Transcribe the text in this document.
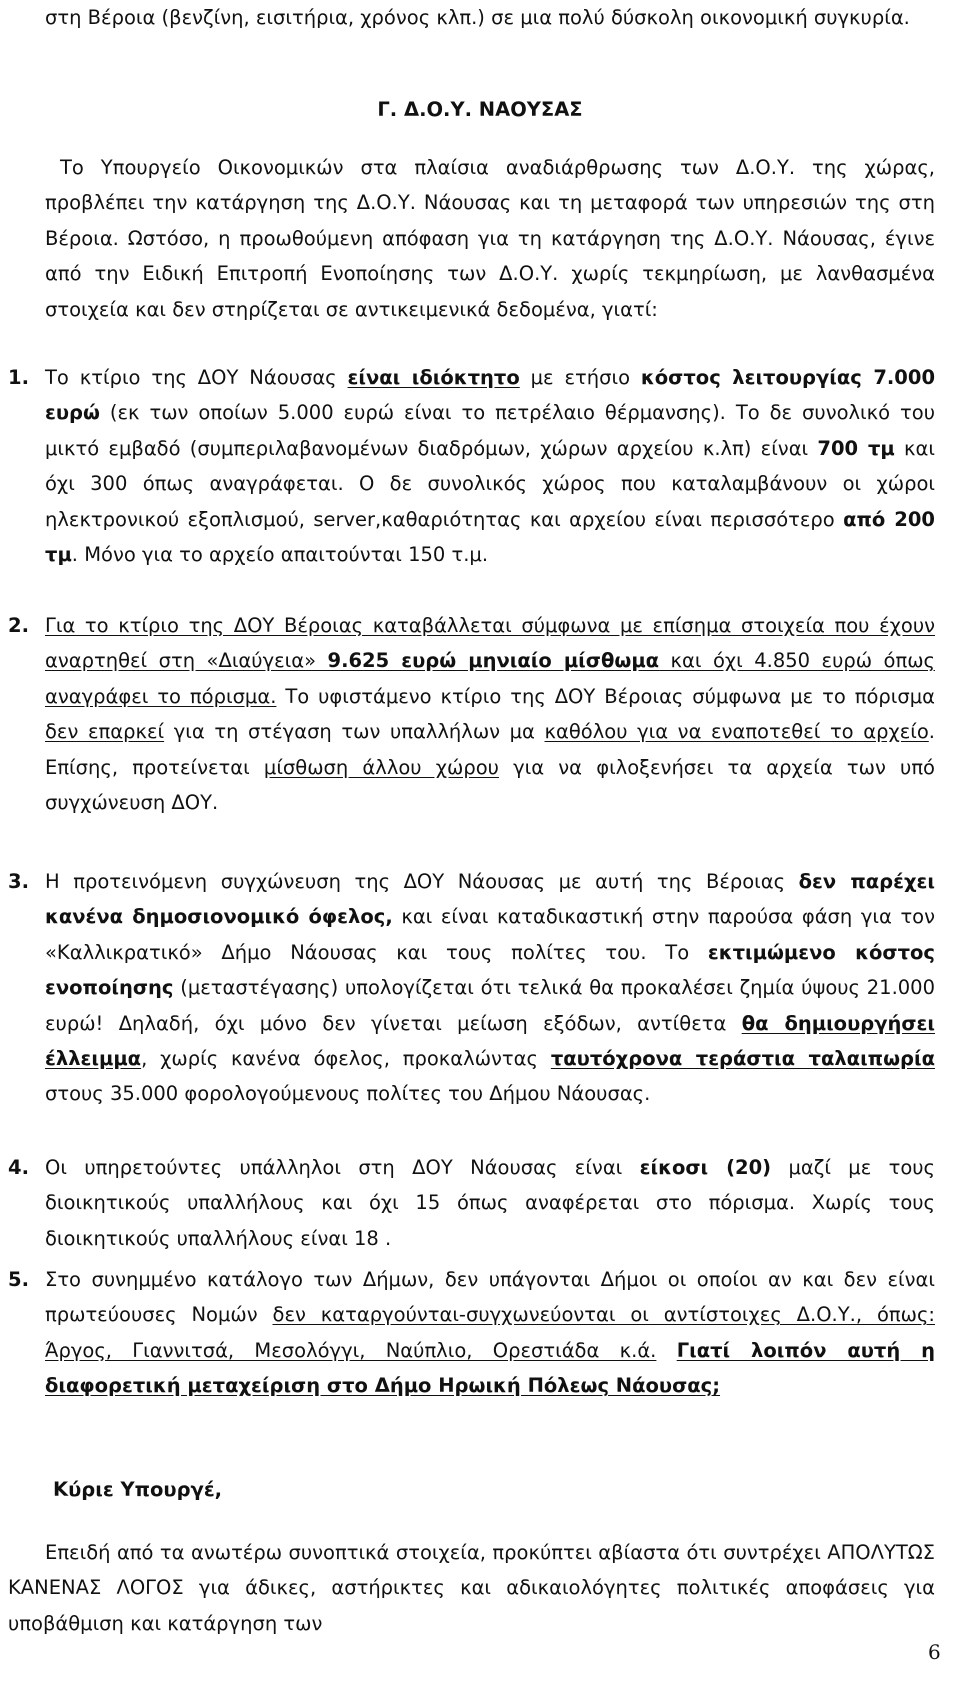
στη Βέροια (βενζίνη, εισιτήρια, χρόνος κλπ.) σε μια πολύ δύσκολη οικονομική συγκυρία.

Γ. Δ.Ο.Υ. ΝΑΟΥΣΑΣ

Το Υπουργείο Οικονομικών στα πλαίσια αναδιάρθρωσης των Δ.Ο.Υ. της χώρας, προβλέπει την κατάργηση της Δ.Ο.Υ. Νάουσας και τη μεταφορά των υπηρεσιών της στη Βέροια. Ωστόσο, η προωθούμενη απόφαση για τη κατάργηση της Δ.Ο.Υ. Νάουσας, έγινε από την Ειδική Επιτροπή Ενοποίησης των Δ.Ο.Υ. χωρίς τεκμηρίωση, με λανθασμένα στοιχεία και δεν στηρίζεται σε αντικειμενικά δεδομένα, γιατί:

1. Το κτίριο της ΔΟΥ Νάουσας είναι ιδιόκτητο με ετήσιο κόστος λειτουργίας 7.000 ευρώ (εκ των οποίων 5.000 ευρώ είναι το πετρέλαιο θέρμανσης). Το δε συνολικό του μικτό εμβαδό (συμπεριλαβανομένων διαδρόμων, χώρων αρχείου κ.λπ) είναι 700 τμ και όχι 300 όπως αναγράφεται. Ο δε συνολικός χώρος που καταλαμβάνουν οι χώροι ηλεκτρονικού εξοπλισμού, server,καθαριότητας και αρχείου είναι περισσότερο από 200 τμ. Μόνο για το αρχείο απαιτούνται 150 τ.μ.

2. Για το κτίριο της ΔΟΥ Βέροιας καταβάλλεται σύμφωνα με επίσημα στοιχεία που έχουν αναρτηθεί στη «Διαύγεια» 9.625 ευρώ μηνιαίο μίσθωμα και όχι 4.850 ευρώ όπως αναγράφει το πόρισμα. Το υφιστάμενο κτίριο της ΔΟΥ Βέροιας σύμφωνα με το πόρισμα δεν επαρκεί για τη στέγαση των υπαλλήλων μα καθόλου για να εναποτεθεί το αρχείο. Επίσης, προτείνεται μίσθωση άλλου χώρου για να φιλοξενήσει τα αρχεία των υπό συγχώνευση ΔΟΥ.

3. Η προτεινόμενη συγχώνευση της ΔΟΥ Νάουσας με αυτή της Βέροιας δεν παρέχει κανένα δημοσιονομικό όφελος, και είναι καταδικαστική στην παρούσα φάση για τον «Καλλικρατικό» Δήμο Νάουσας και τους πολίτες του. Το εκτιμώμενο κόστος ενοποίησης (μεταστέγασης) υπολογίζεται ότι τελικά θα προκαλέσει ζημία ύψους 21.000 ευρώ! Δηλαδή, όχι μόνο δεν γίνεται μείωση εξόδων, αντίθετα θα δημιουργήσει έλλειμμα, χωρίς κανένα όφελος, προκαλώντας ταυτόχρονα τεράστια ταλαιπωρία στους 35.000 φορολογούμενους πολίτες του Δήμου Νάουσας.

4. Οι υπηρετούντες υπάλληλοι στη ΔΟΥ Νάουσας είναι είκοσι (20) μαζί με τους διοικητικούς υπαλλήλους και όχι 15 όπως αναφέρεται στο πόρισμα. Χωρίς τους διοικητικούς υπαλλήλους είναι 18 .

5. Στο συνημμένο κατάλογο των Δήμων, δεν υπάγονται Δήμοι οι οποίοι αν και δεν είναι πρωτεύουσες Νομών δεν καταργούνται-συγχωνεύονται οι αντίστοιχες Δ.Ο.Υ., όπως: Άργος, Γιαννιτσά, Μεσολόγγι, Ναύπλιο, Ορεστιάδα κ.ά. Γιατί λοιπόν αυτή η διαφορετική μεταχείριση στο Δήμο Ηρωική Πόλεως Νάουσας;

Κύριε Υπουργέ,

Επειδή από τα ανωτέρω συνοπτικά στοιχεία, προκύπτει αβίαστα ότι συντρέχει ΑΠΟΛΥΤΩΣ ΚΑΝΕΝΑΣ ΛΟΓΟΣ για άδικες, αστήρικτες και αδικαιολόγητες πολιτικές αποφάσεις για υποβάθμιση και κατάργηση των

6
